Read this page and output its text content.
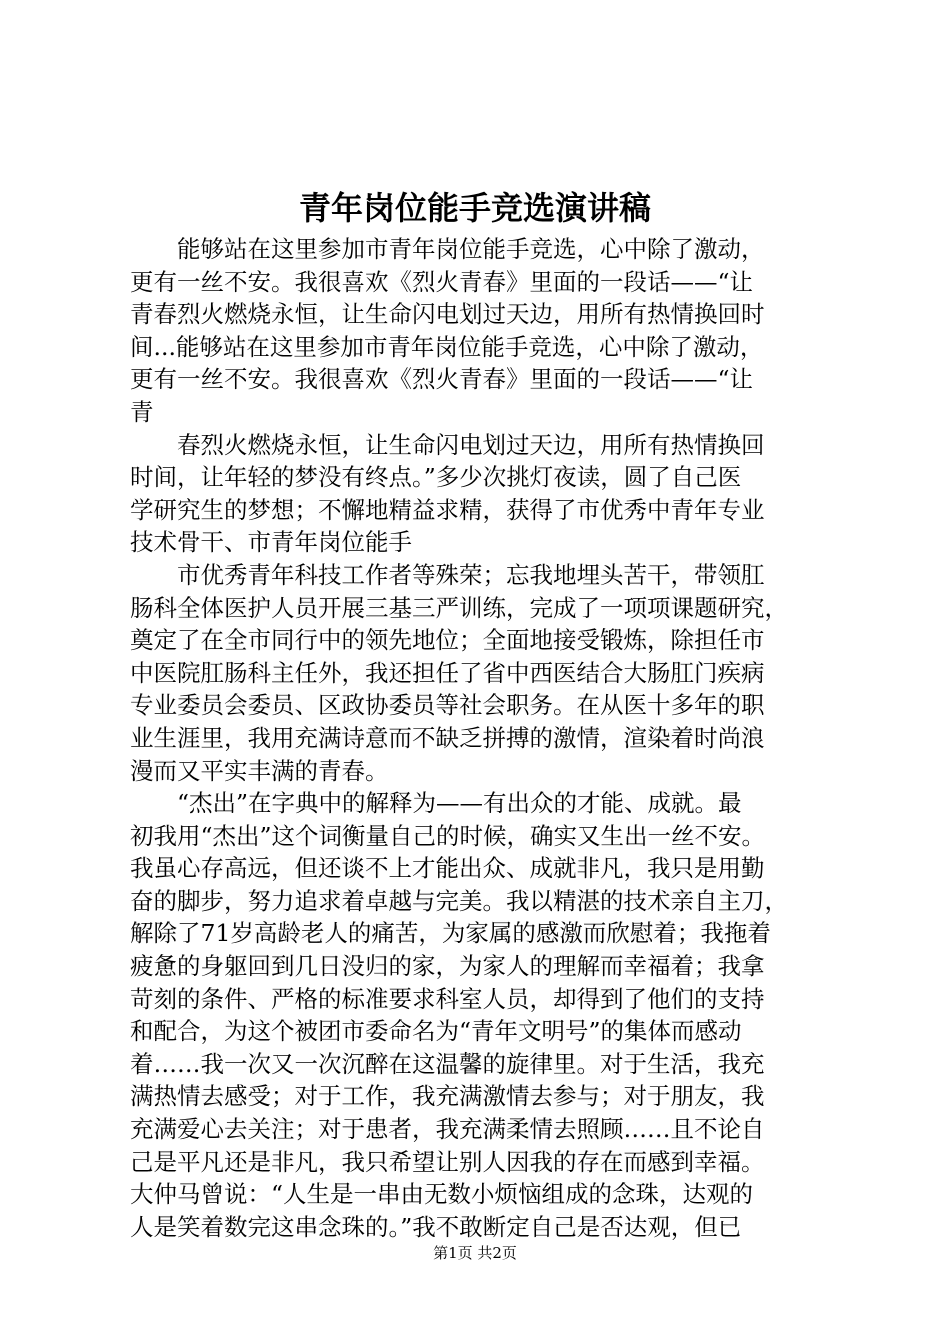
青年岗位能手竞选演讲稿
　　能够站在这里参加市青年岗位能手竞选，心中除了激动，
更有一丝不安。我很喜欢《烈火青春》里面的一段话——“让
青春烈火燃烧永恒，让生命闪电划过天边，用所有热情换回时
间...能够站在这里参加市青年岗位能手竞选，心中除了激动，
更有一丝不安。我很喜欢《烈火青春》里面的一段话——“让
青
　　春烈火燃烧永恒，让生命闪电划过天边，用所有热情换回
时间，让年轻的梦没有终点。”多少次挑灯夜读，圆了自己医
学研究生的梦想；不懈地精益求精，获得了市优秀中青年专业
技术骨干、市青年岗位能手
　　市优秀青年科技工作者等殊荣；忘我地埋头苦干，带领肛
肠科全体医护人员开展三基三严训练，完成了一项项课题研究，
奠定了在全市同行中的领先地位；全面地接受锻炼，除担任市
中医院肛肠科主任外，我还担任了省中西医结合大肠肛门疾病
专业委员会委员、区政协委员等社会职务。在从医十多年的职
业生涯里，我用充满诗意而不缺乏拼搏的激情，渲染着时尚浪
漫而又平实丰满的青春。
　　“杰出”在字典中的解释为——有出众的才能、成就。最
初我用“杰出”这个词衡量自己的时候，确实又生出一丝不安。
我虽心存高远，但还谈不上才能出众、成就非凡，我只是用勤
奋的脚步，努力追求着卓越与完美。我以精湛的技术亲自主刀，
解除了71岁高龄老人的痛苦，为家属的感激而欣慰着；我拖着
疲惫的身躯回到几日没归的家，为家人的理解而幸福着；我拿
苛刻的条件、严格的标准要求科室人员，却得到了他们的支持
和配合，为这个被团市委命名为“青年文明号”的集体而感动
着……我一次又一次沉醉在这温馨的旋律里。对于生活，我充
满热情去感受；对于工作，我充满激情去参与；对于朋友，我
充满爱心去关注；对于患者，我充满柔情去照顾……且不论自
己是平凡还是非凡，我只希望让别人因我的存在而感到幸福。
大仲马曾说：“人生是一串由无数小烦恼组成的念珠，达观的
人是笑着数完这串念珠的。”我不敢断定自己是否达观，但已
第1页 共2页
